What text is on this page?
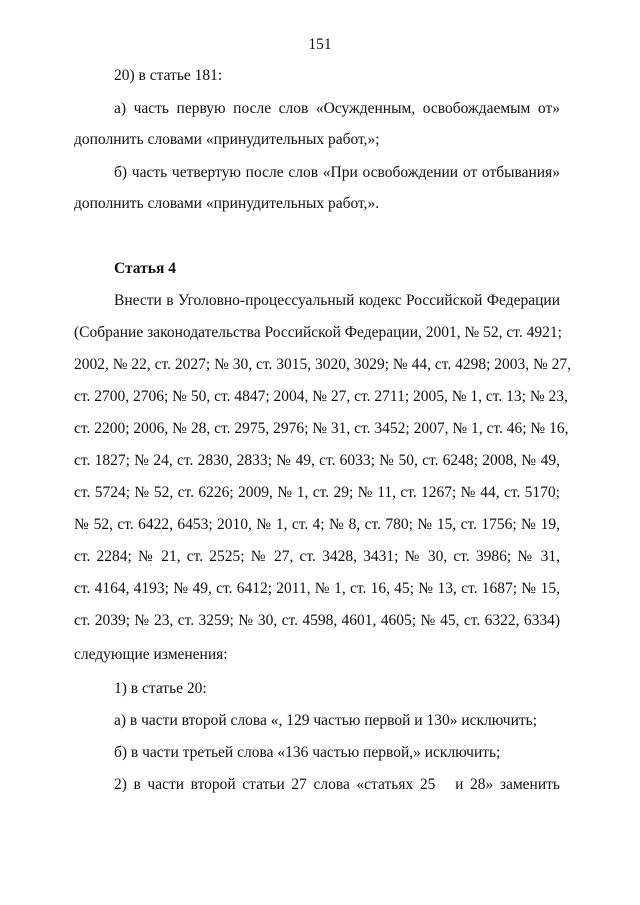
151
20) в статье 181:
а) часть первую после слов «Осужденным, освобождаемым от»
дополнить словами «принудительных работ,»;
б) часть четвертую после слов «При освобождении от отбывания»
дополнить словами «принудительных работ,».
Статья 4
Внести в Уголовно-процессуальный кодекс Российской Федерации
(Собрание законодательства Российской Федерации, 2001, № 52, ст. 4921;
2002, № 22, ст. 2027; № 30, ст. 3015, 3020, 3029; № 44, ст. 4298; 2003, № 27,
ст. 2700, 2706; № 50, ст. 4847; 2004, № 27, ст. 2711; 2005, № 1, ст. 13; № 23,
ст. 2200; 2006, № 28, ст. 2975, 2976; № 31, ст. 3452; 2007, № 1, ст. 46; № 16,
ст. 1827; № 24, ст. 2830, 2833; № 49, ст. 6033; № 50, ст. 6248; 2008, № 49,
ст. 5724; № 52, ст. 6226; 2009, № 1, ст. 29; № 11, ст. 1267; № 44, ст. 5170;
№ 52, ст. 6422, 6453; 2010, № 1, ст. 4; № 8, ст. 780; № 15, ст. 1756; № 19,
ст. 2284; № 21, ст. 2525; № 27, ст. 3428, 3431; № 30, ст. 3986; № 31,
ст. 4164, 4193; № 49, ст. 6412; 2011, № 1, ст. 16, 45; № 13, ст. 1687; № 15,
ст. 2039; № 23, ст. 3259; № 30, ст. 4598, 4601, 4605; № 45, ст. 6322, 6334)
следующие изменения:
1) в статье 20:
а) в части второй слова «, 129 частью первой и 130» исключить;
б) в части третьей слова «136 частью первой,» исключить;
2) в части второй статьи 27 слова «статьях 25   и 28» заменить
